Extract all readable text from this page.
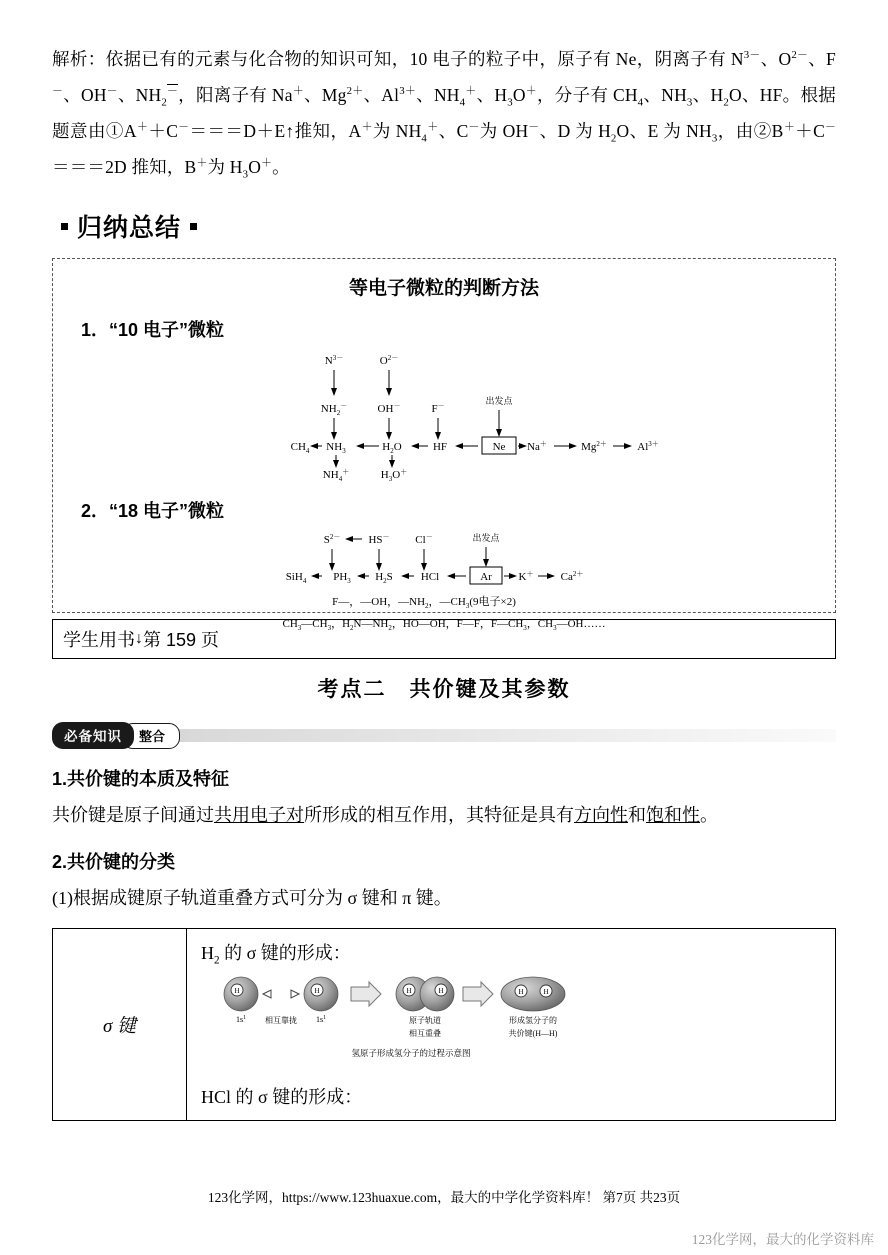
解析：依据已有的元素与化合物的知识可知，10 电子的粒子中，原子有 Ne，阴离子有 $N^{3-}$、$O^{2-}$、F－、OH－、$NH_2^-$，阳离子有 Na＋、$Mg^{2+}$、$Al^{3+}$、$NH_4^+$、$H_3O^+$，分子有 $CH_4$、$NH_3$、$H_2O$、HF。根据题意由①A＋＋C－＝＝＝D＋E↑推知，A＋为 $NH_4^+$、C－为 OH－、D 为 $H_2O$、E 为 $NH_3$，由②B＋＋C－＝＝＝2D 推知，B＋为 $H_3O^+$。
归纳总结
等电子微粒的判断方法
1．“10 电子”微粒
$N^{3-}$	$O^{2-}$
$NH_2^-$	OH－	F－	出发点
Ne
$CH_4$ $NH_3$	$H_2O$	HF	Na＋	$Mg^{2+}$	$Al^{3+}$
$NH_4^+$	$H_3O^+$
2．“18 电子”微粒
$S^{2-}$	HS－ Cl－	出发点
Ar
SiH$_4$ $PH_3$ $H_2S$	HCl	K＋ $Ca^{2+}$
F—，—OH，$—NH_2$，$—CH_3(9$电子×2)
$CH_3—CH_3$，$H_2N—NH_2$，HO—OH，F—F，$F—CH_3$，$CH_3—OH\dots\dots$
学生用书 ↓ 第 159 页
考点二　共价键及其参数
必备知识	整合
1.共价键的本质及特征
共价键是原子间通过共用电子对所形成的相互作用，其特征是具有方向性和饱和性。
2.共价键的分类
(1)根据成键原子轨道重叠方式可分为 σ 键和 π 键。
σ 键
$H_2$ 的 σ 键的形成：
H
$1s^1$ 相互靠拢
H
$1s^1$
H	H
原子轨道
相互重叠
H	H
形成氢分子的
共价键(H—H)
氢原子形成氢分子的过程示意图
HCl 的 σ 键的形成：
123化学网，https://www.123huaxue.com，最大的中学化学资料库！ 第7页 共23页
123化学网，最大的化学资料库
